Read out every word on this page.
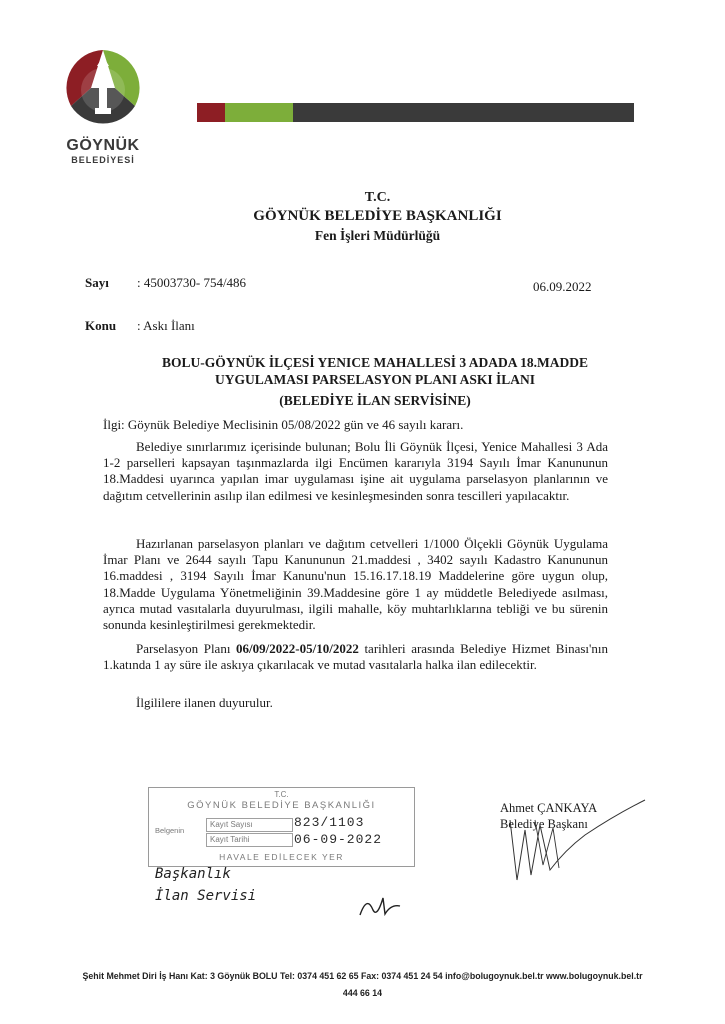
GÖYNÜK
BELEDİYESİ
T.C.
GÖYNÜK BELEDİYE BAŞKANLIĞI
Fen İşleri Müdürlüğü
Sayı : 45003730- 754/486	06.09.2022
Konu : Askı İlanı
BOLU-GÖYNÜK İLÇESİ YENICE MAHALLESİ 3 ADADA 18.MADDE
UYGULAMASI PARSELASYON PLANI ASKI İLANI
(BELEDİYE İLAN SERVİSİNE)
İlgi: Göynük Belediye Meclisinin 05/08/2022 gün ve 46 sayılı kararı.
Belediye sınırlarımız içerisinde bulunan; Bolu İli Göynük İlçesi, Yenice Mahallesi 3 Ada 1-2 parselleri kapsayan taşınmazlarda ilgi Encümen kararıyla 3194 Sayılı İmar Kanununun 18.Maddesi uyarınca yapılan imar uygulaması işine ait uygulama parselasyon planlarının ve dağıtım cetvellerinin asılıp ilan edilmesi ve kesinleşmesinden sonra tescilleri yapılacaktır.
Hazırlanan parselasyon planları ve dağıtım cetvelleri 1/1000 Ölçekli Göynük Uygulama İmar Planı ve 2644 sayılı Tapu Kanununun 21.maddesi , 3402 sayılı Kadastro Kanununun 16.maddesi , 3194 Sayılı İmar Kanunu'nun 15.16.17.18.19 Maddelerine göre uygun olup, 18.Madde Uygulama Yönetmeliğinin 39.Maddesine göre 1 ay müddetle Belediyede asılması, ayrıca mutad vasıtalarla duyurulması, ilgili mahalle, köy muhtarlıklarına tebliği ve bu sürenin sonunda kesinleştirilmesi gerekmektedir.
Parselasyon Planı 06/09/2022-05/10/2022 tarihleri arasında Belediye Hizmet Binası'nın 1.katında 1 ay süre ile askıya çıkarılacak ve mutad vasıtalarla halka ilan edilecektir.
İlgililere ilanen duyurulur.
T.C.
GÖYNÜK BELEDİYE BAŞKANLIĞI
Belgenin
Kayıt Sayısı
Kayıt Tarihi
823/1103
06-09-2022
HAVALE EDİLECEK YER
Başkanlık
İlan Servisi
Ahmet ÇANKAYA
Belediye Başkanı
Şehit Mehmet Diri İş Hanı Kat: 3 Göynük BOLU Tel: 0374 451 62 65 Fax: 0374 451 24 54 info@bolugoynuk.bel.tr www.bolugoynuk.bel.tr
444 66 14
